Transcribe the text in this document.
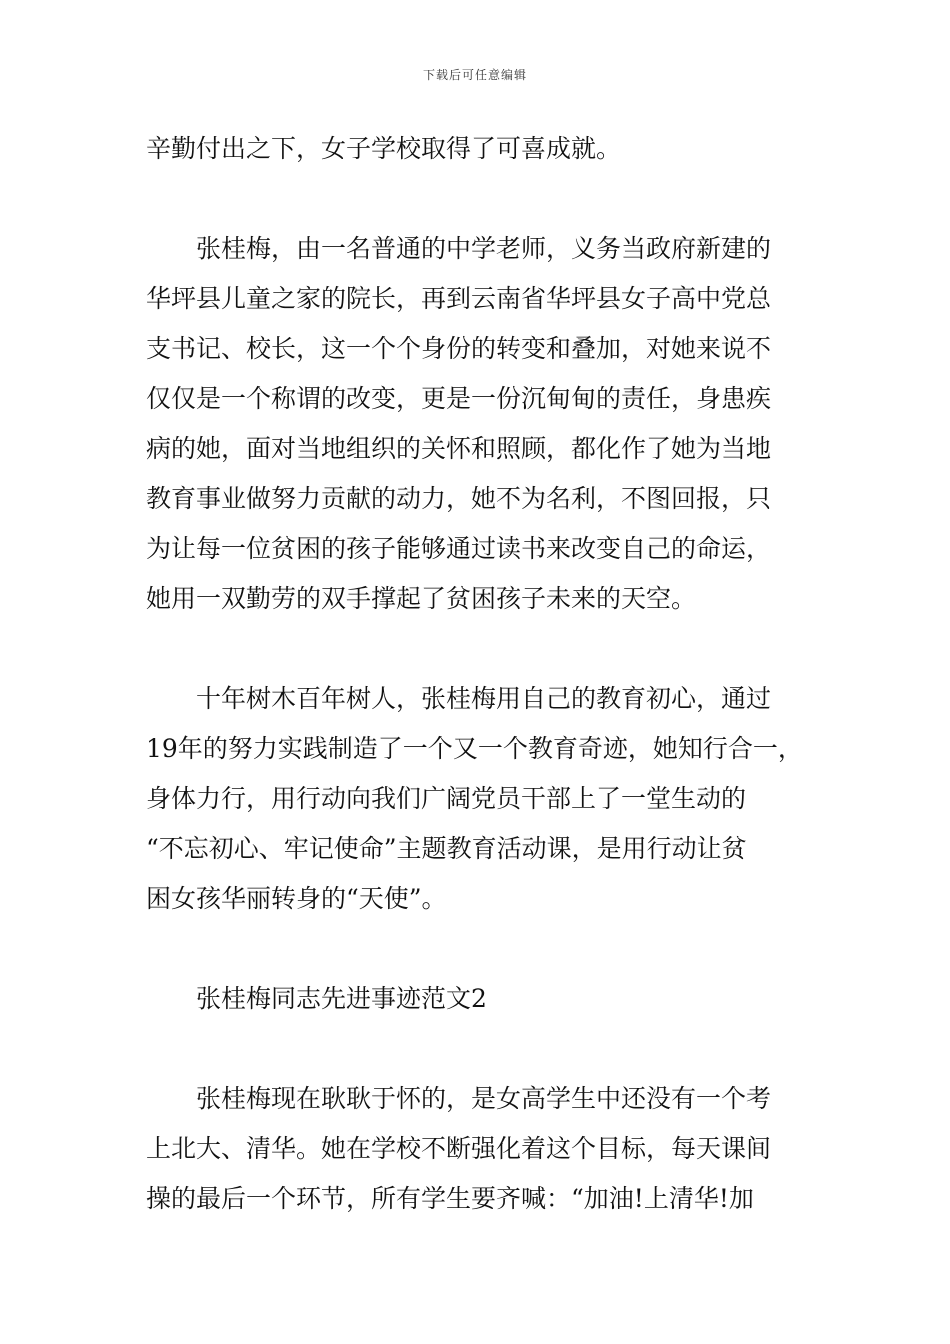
下载后可任意编辑
辛勤付出之下，女子学校取得了可喜成就。
张桂梅，由一名普通的中学老师，义务当政府新建的
华坪县儿童之家的院长，再到云南省华坪县女子高中党总
支书记、校长，这一个个身份的转变和叠加，对她来说不
仅仅是一个称谓的改变，更是一份沉甸甸的责任，身患疾
病的她，面对当地组织的关怀和照顾，都化作了她为当地
教育事业做努力贡献的动力，她不为名利，不图回报，只
为让每一位贫困的孩子能够通过读书来改变自己的命运，
她用一双勤劳的双手撑起了贫困孩子未来的天空。
十年树木百年树人，张桂梅用自己的教育初心，通过
19年的努力实践制造了一个又一个教育奇迹，她知行合一，
身体力行，用行动向我们广阔党员干部上了一堂生动的
“不忘初心、牢记使命”主题教育活动课，是用行动让贫
困女孩华丽转身的“天使”。
张桂梅同志先进事迹范文2
张桂梅现在耿耿于怀的，是女高学生中还没有一个考
上北大、清华。她在学校不断强化着这个目标，每天课间
操的最后一个环节，所有学生要齐喊：“加油!上清华!加
